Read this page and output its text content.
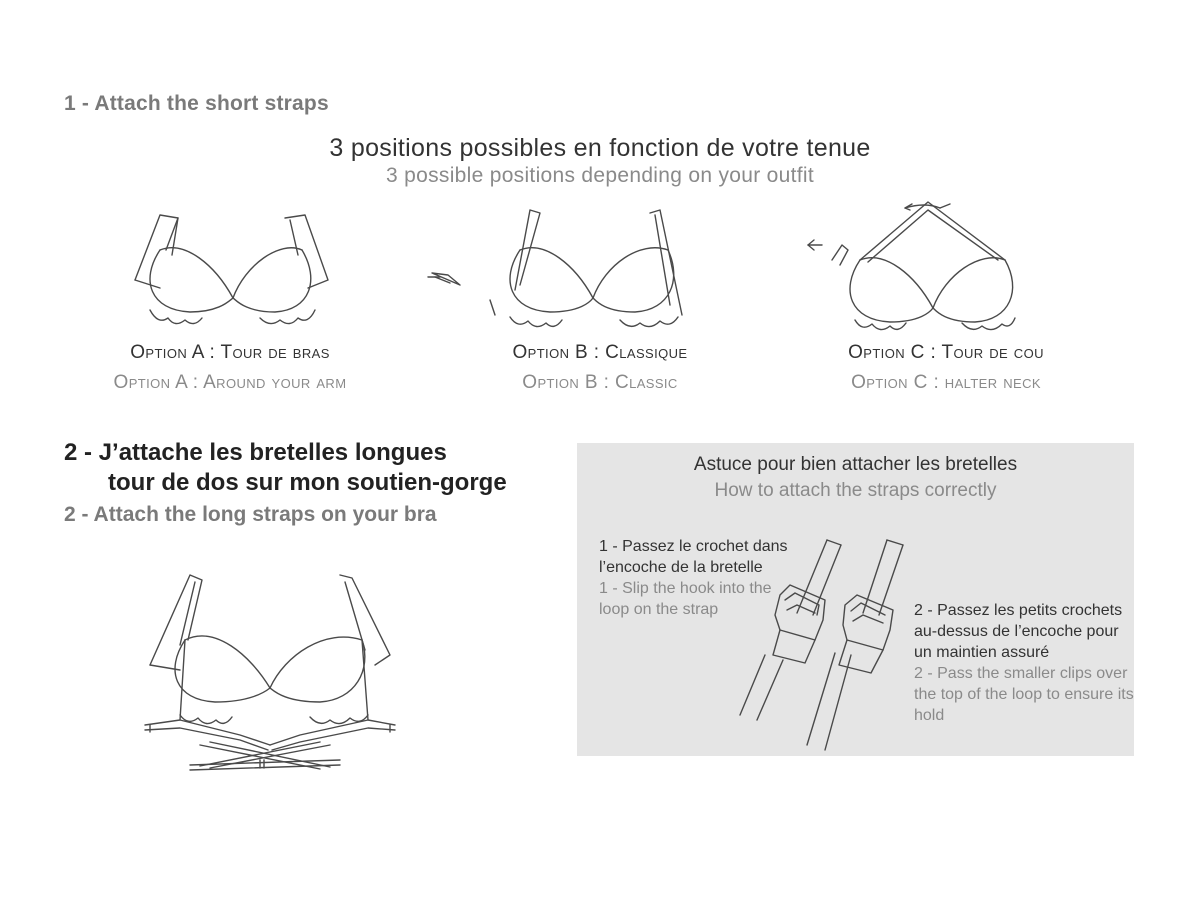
1 - Attach the short straps
3 positions possibles en fonction de votre tenue
3 possible positions depending on your outfit
Option A : Tour de bras
Option A : Around your arm
Option B : Classique
Option B : Classic
Option C : Tour de cou
Option C : halter neck
2 - J’attache les bretelles longues
tour de dos sur mon soutien-gorge
2 - Attach the long straps on your bra
Astuce pour bien attacher les bretelles
How to attach the straps correctly
1 - Passez le crochet dans l’encoche de la bretelle
1 - Slip the hook into the loop on the strap	2 - Passez les petits crochets au-dessus de l’encoche pour un maintien assuré
2 - Pass the smaller clips over the top of the loop to ensure its hold
